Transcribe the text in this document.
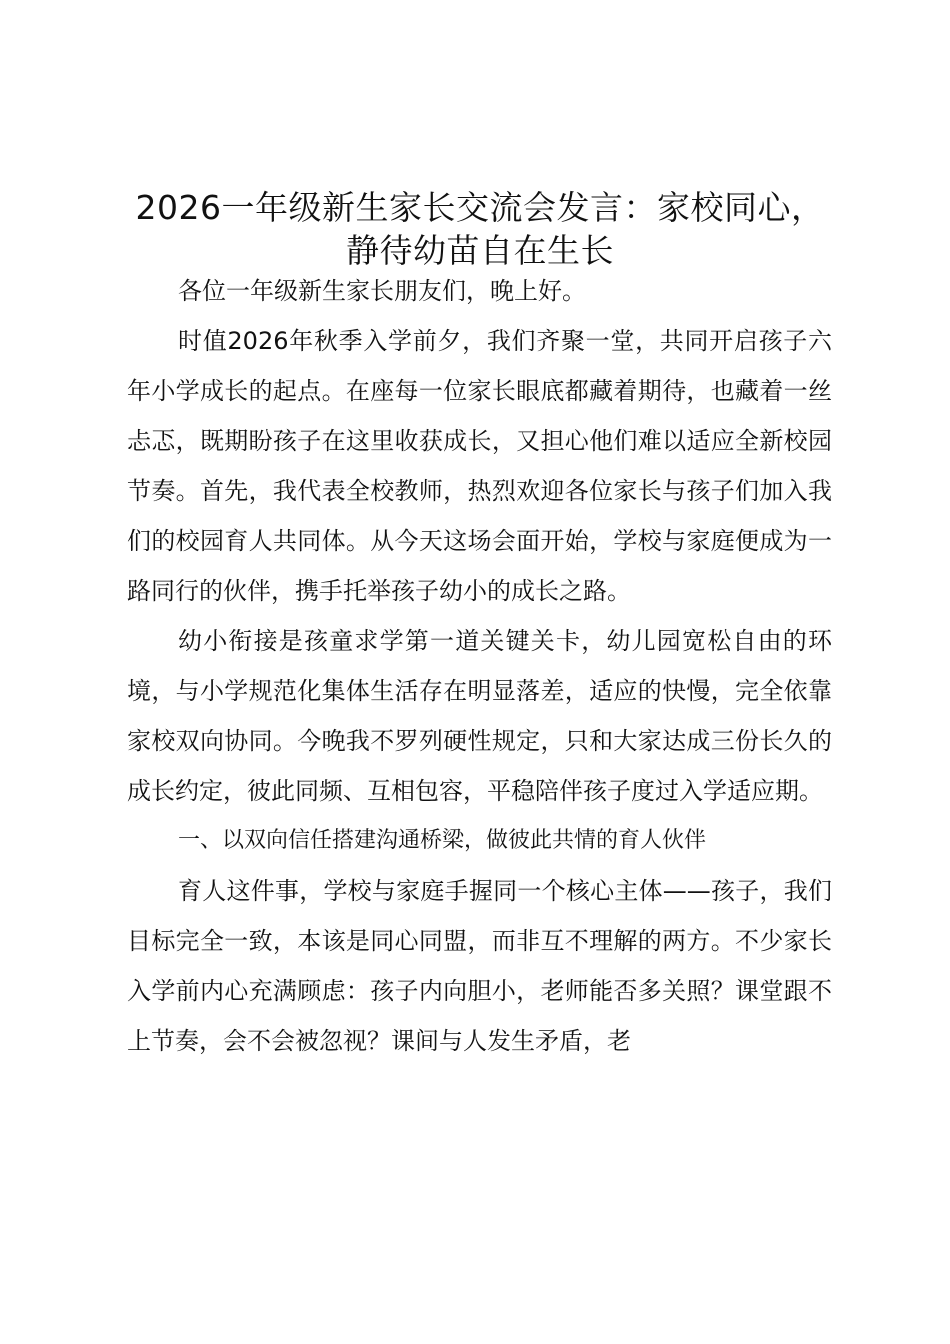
2026一年级新生家长交流会发言：家校同心，
静待幼苗自在生长

各位一年级新生家长朋友们，晚上好。

时值2026年秋季入学前夕，我们齐聚一堂，共同开启孩子六年小学成长的起点。在座每一位家长眼底都藏着期待，也藏着一丝忐忑，既期盼孩子在这里收获成长，又担心他们难以适应全新校园节奏。首先，我代表全校教师，热烈欢迎各位家长与孩子们加入我们的校园育人共同体。从今天这场会面开始，学校与家庭便成为一路同行的伙伴，携手托举孩子幼小的成长之路。

幼小衔接是孩童求学第一道关键关卡，幼儿园宽松自由的环境，与小学规范化集体生活存在明显落差，适应的快慢，完全依靠家校双向协同。今晚我不罗列硬性规定，只和大家达成三份长久的成长约定，彼此同频、互相包容，平稳陪伴孩子度过入学适应期。

一、以双向信任搭建沟通桥梁，做彼此共情的育人伙伴

育人这件事，学校与家庭手握同一个核心主体——孩子，我们目标完全一致，本该是同心同盟，而非互不理解的两方。不少家长入学前内心充满顾虑：孩子内向胆小，老师能否多关照？课堂跟不上节奏，会不会被忽视？课间与人发生矛盾，老
